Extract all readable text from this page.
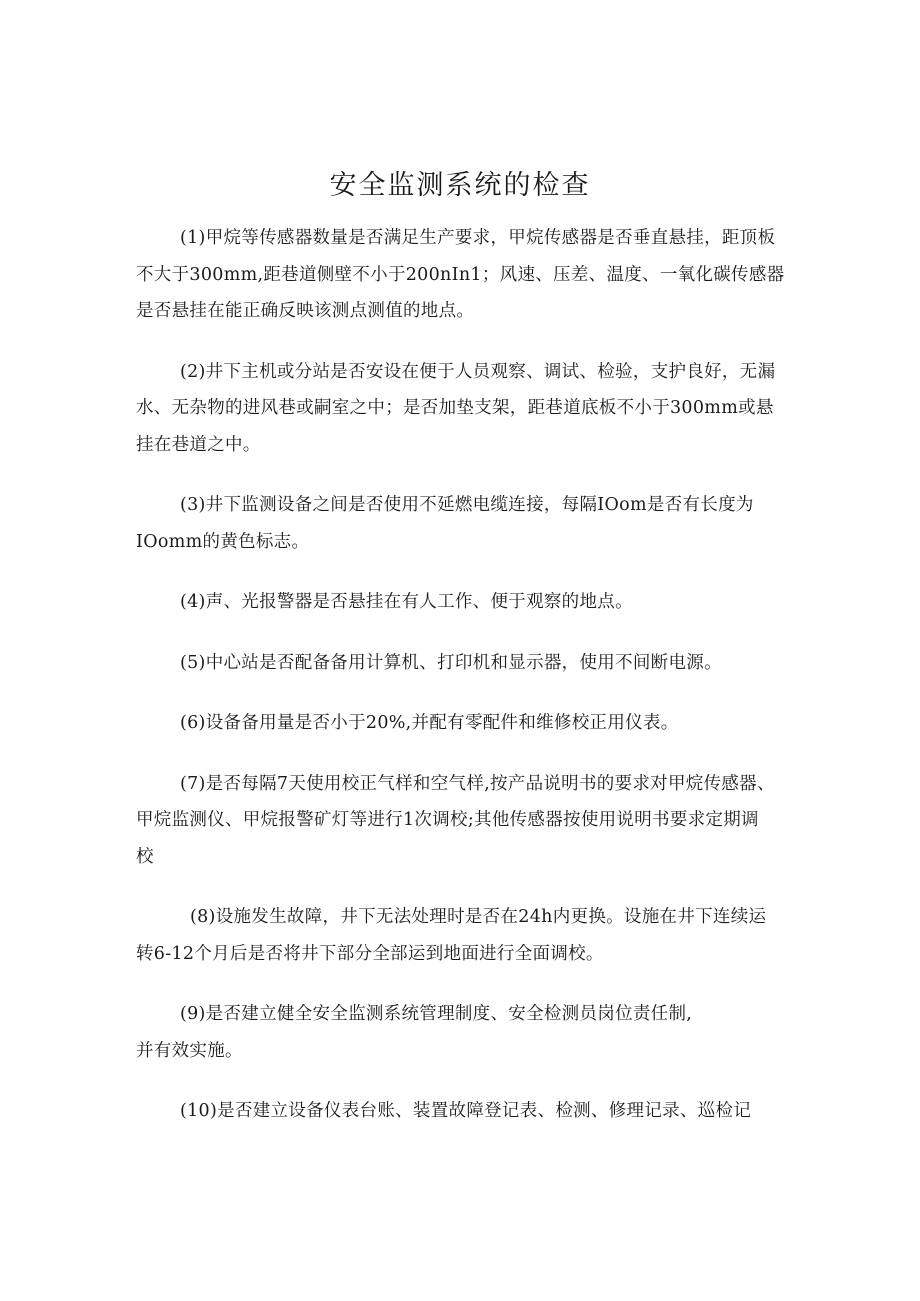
安全监测系统的检查

(1)甲烷等传感器数量是否满足生产要求，甲烷传感器是否垂直悬挂，距顶板
不大于300mm,距巷道侧壁不小于200nIn1；风速、压差、温度、一氧化碳传感器
是否悬挂在能正确反映该测点测值的地点。

(2)井下主机或分站是否安设在便于人员观察、调试、检验，支护良好，无漏
水、无杂物的进风巷或嗣室之中；是否加垫支架，距巷道底板不小于300mm或悬
挂在巷道之中。

(3)井下监测设备之间是否使用不延燃电缆连接，每隔IOom是否有长度为
IOomm的黄色标志。

(4)声、光报警器是否悬挂在有人工作、便于观察的地点。

(5)中心站是否配备备用计算机、打印机和显示器，使用不间断电源。

(6)设备备用量是否小于20%,并配有零配件和维修校正用仪表。

(7)是否每隔7天使用校正气样和空气样,按产品说明书的要求对甲烷传感器、
甲烷监测仪、甲烷报警矿灯等进行1次调校;其他传感器按使用说明书要求定期调
校

(8)设施发生故障，井下无法处理时是否在24h内更换。设施在井下连续运
转6-12个月后是否将井下部分全部运到地面进行全面调校。

(9)是否建立健全安全监测系统管理制度、安全检测员岗位责任制,
并有效实施。

(10)是否建立设备仪表台账、装置故障登记表、检测、修理记录、巡检记
